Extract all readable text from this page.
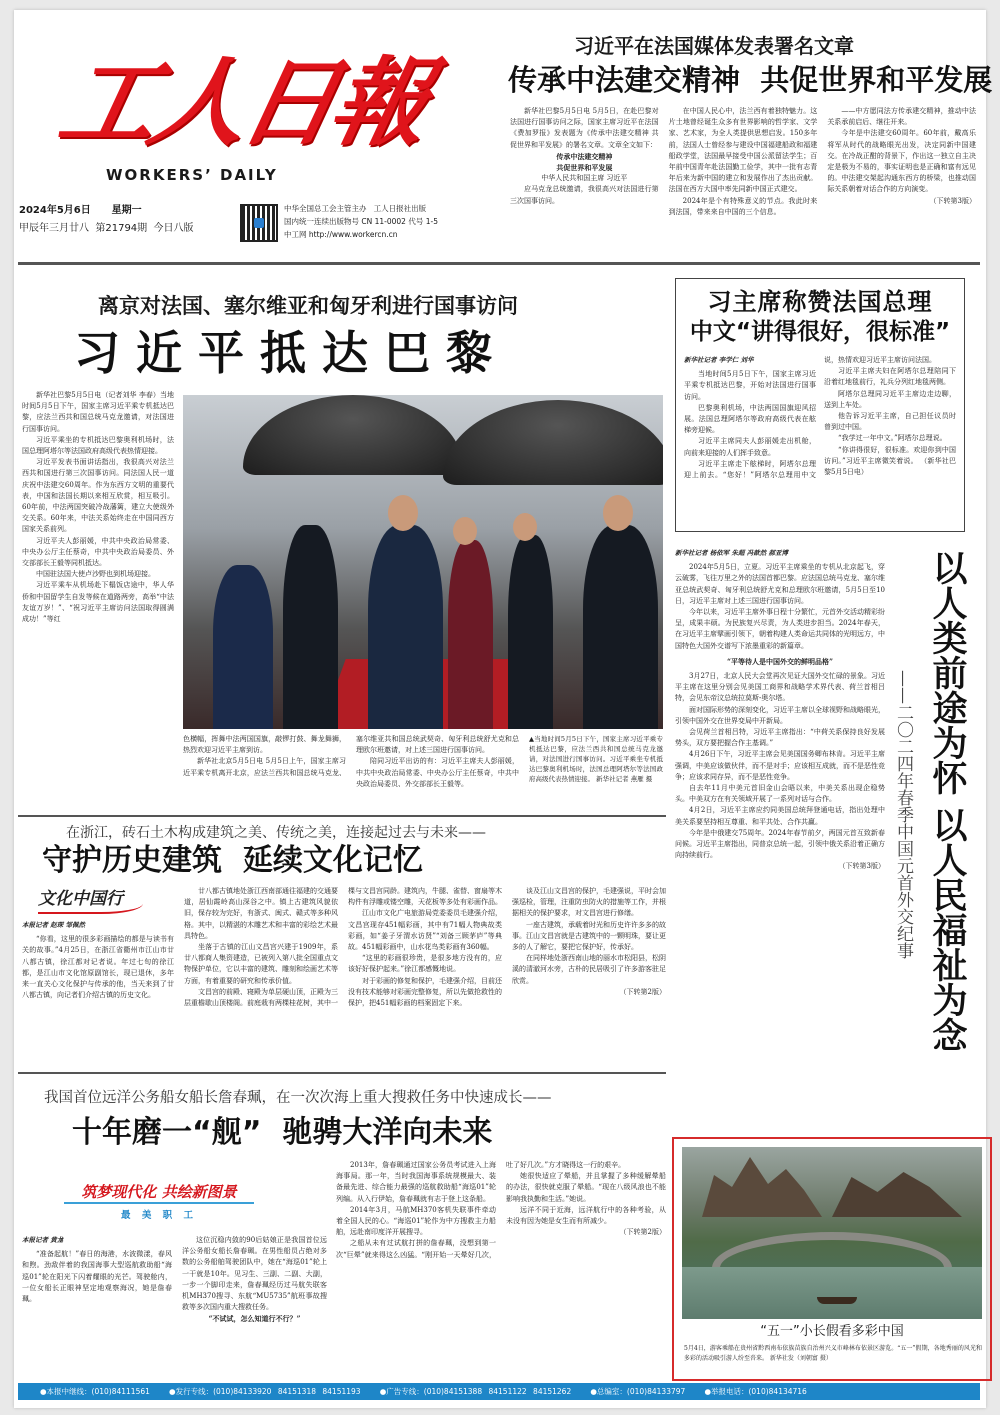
工人日報
WORKERS’ DAILY
2024年5月6日 星期一
甲辰年三月廿八 第21794期 今日八版
中华全国总工会主管主办 工人日报社出版
国内统一连续出版物号 CN 11-0002 代号 1-5
中工网 http://www.workercn.cn
习近平在法国媒体发表署名文章
传承中法建交精神  共促世界和平发展

新华社巴黎5月5日电 5月5日，在赴巴黎对法国进行国事访问之际，国家主席习近平在法国《费加罗报》发表题为《传承中法建交精神 共促世界和平发展》的署名文章。文章全文如下：

传承中法建交精神

共促世界和平发展

中华人民共和国主席 习近平

应马克龙总统邀请，我很高兴对法国进行第三次国事访问。

在中国人民心中，法兰西有着独特魅力。这片土地曾经诞生众多有世界影响的哲学家、文学家、艺术家，为全人类提供思想启发。150多年前，法国人士曾经参与建设中国福建船政和福建船政学堂，法国最早接受中国公派留法学生；百年前中国青年赴法国勤工俭学，其中一批有志青年后来为新中国的建立和发展作出了杰出贡献。法国在西方大国中率先同新中国正式建交。

2024年是个有特殊意义的节点。我此时来到法国，带来来自中国的三个信息。

——中方愿同法方传承建交精神，推动中法关系承前启后、继往开来。

今年是中法建交60周年。60年前，戴高乐将军从时代的战略眼光出发，决定同新中国建交。在冷战正酣的背景下，作出这一独立自主决定是极为不易的，事实证明也是正确和富有远见的。中法建交架起沟通东西方的桥梁，也推动国际关系朝着对话合作的方向演变。

（下转第3版）

离京对法国、塞尔维亚和匈牙利进行国事访问
习 近 平 抵 达 巴 黎

新华社巴黎5月5日电（记者刘华 李春）当地时间5月5日下午，国家主席习近平乘专机抵达巴黎，应法兰西共和国总统马克龙邀请，对法国进行国事访问。

习近平乘坐的专机抵达巴黎奥利机场时，法国总理阿塔尔等法国政府高级代表热情迎接。

习近平发表书面讲话指出，我很高兴对法兰西共和国进行第三次国事访问。同法国人民一道庆祝中法建交60周年。作为东西方文明的重要代表，中国和法国长期以来相互欣赏，相互吸引。60年前，中法两国突破冷战藩篱，建立大使级外交关系。60年来，中法关系始终走在中国同西方国家关系前列。

习近平夫人彭丽媛，中共中央政治局常委、中央办公厅主任蔡奇，中共中央政治局委员、外交部部长王毅等同机抵达。

中国驻法国大使卢沙野也到机场迎接。

习近平乘车从机场赴下榻饭店途中，华人华侨和中国留学生自发等候在道路两旁，高举“中法友谊万岁！”、“祝习近平主席访问法国取得圆满成功！”等红

色横幅，挥舞中法两国国旗，敲锣打鼓、舞龙舞狮，热烈欢迎习近平主席到访。

新华社北京5月5日电 5月5日上午，国家主席习近平乘专机离开北京，应法兰西共和国总统马克龙、塞尔维亚共和国总统武契奇、匈牙利总统舒尤克和总理欧尔班邀请，对上述三国进行国事访问。

陪同习近平出访的有：习近平主席夫人彭丽媛，中共中央政治局常委、中央办公厅主任蔡奇，中共中央政治局委员、外交部部长王毅等。

▲当地时间5月5日下午，国家主席习近平乘专机抵达巴黎，应法兰西共和国总统马克龙邀请，对法国进行国事访问。习近平乘坐专机抵达巴黎奥利机场时，法国总理阿塔尔等法国政府高级代表热情迎接。 新华社记者 燕雁 摄
习主席称赞法国总理
中文“讲得很好，很标准”
新华社记者 李学仁 刘华

当地时间5月5日下午，国家主席习近平乘专机抵达巴黎，开始对法国进行国事访问。

巴黎奥利机场，中法两国国旗迎风招展。法国总理阿塔尔等政府高级代表在舷梯旁迎候。

习近平主席同夫人彭丽媛走出机舱，向前来迎接的人们挥手致意。

习近平主席走下舷梯时，阿塔尔总理迎上前去。“您好！”阿塔尔总理用中文说，热情欢迎习近平主席访问法国。

习近平主席夫妇在阿塔尔总理陪同下沿着红地毯前行，礼兵分列红地毯两侧。

阿塔尔总理同习近平主席边走边聊，送到上车处。

他告诉习近平主席，自己担任议员时曾到过中国。

“我学过一年中文。”阿塔尔总理说。

“你讲得很好，很标准。欢迎你到中国访问。”习近平主席微笑着说。 （新华社巴黎5月5日电）

新华社记者 杨依军 朱超 冯歆然 郝亚博

2024年5月5日，立夏。习近平主席乘坐的专机从北京起飞，穿云破雾，飞往万里之外的法国首都巴黎。应法国总统马克龙、塞尔维亚总统武契奇、匈牙利总统舒尤克和总理欧尔班邀请，5月5日至10日，习近平主席对上述三国进行国事访问。

今年以来，习近平主席外事日程十分繁忙，元首外交活动精彩纷呈，成果丰硕。为民族复兴尽责，为人类进步担当。2024年春天，在习近平主席擘画引领下，朝着构建人类命运共同体的光明远方，中国特色大国外交谱写下浓墨重彩的新篇章。

“平等待人是中国外交的鲜明品格”

3月27日，北京人民大会堂再次见证大国外交忙碌的景象。习近平主席在这里分别会见美国工商界和战略学术界代表、荷兰首相吕特，会见东帝汶总统拉莫斯-奥尔塔。

面对国际形势的深刻变化，习近平主席以全球视野和战略眼光，引领中国外交在世界变局中开新局。

会见荷兰首相吕特，习近平主席指出：“中荷关系保持良好发展势头，双方要把握合作主基调。”

4月26日下午，习近平主席会见美国国务卿布林肯。习近平主席强调，中美应该做伙伴，而不是对手；应该相互成就，而不是恶性竞争；应该求同存异，而不是恶性竞争。

自去年11月中美元首旧金山会晤以来，中美关系出现企稳势头。中美双方在有关领域开展了一系列对话与合作。

4月2日，习近平主席应约同美国总统拜登通电话，指出处理中美关系要坚持相互尊重、和平共处、合作共赢。

今年是中俄建交75周年。2024年春节前夕，两国元首互致新春问候。习近平主席指出，同普京总统一起，引领中俄关系沿着正确方向持续前行。

（下转第3版） ——二〇二四年春季中国元首外交纪事 以人类前途为怀 以人民福祉为念
在浙江，砖石土木构成建筑之美、传统之美，连接起过去与未来——
守护历史建筑  延续文化记忆
文化中国行
本报记者 赵琛 邹佩然

“你看，这里的很多彩画描绘的都是与读书有关的故事。”4月25日，在浙江省衢州市江山市廿八都古镇，徐江都对记者说。年过七旬的徐江都，是江山市文化馆原副馆长，现已退休，多年来一直关心文化保护与传承的他，当天来到了廿八都古镇，向记者们介绍古镇的历史文化。

廿八都古镇地处浙江西南部通往福建的交通要道，居仙霞岭高山深谷之中。镇上古建筑风貌依旧，保存较为完好，有浙式、闽式、赣式等多种风格。其中，以精湛的木雕艺术和丰富的彩绘艺术最具特色。

坐落于古镇的江山文昌宫兴建于1909年，系廿八都商人集资建造，已被列入第八批全国重点文物保护单位，它以丰富的建筑、雕刻和绘画艺术等方面，有着重要的研究和传承价值。

文昌宫的前殿、寝殿为单层硬山顶，正殿为三层重檐歇山顶楼阁。前庭栽有两棵桂花树，其中一棵与文昌宫同龄。建筑内，牛腿、雀替、窗扇等木构件有浮雕或镂空雕，天花板等多处有彩画作品。

江山市文化广电旅游局党委委员毛建强介绍，文昌宫现存451幅彩画，其中有71幅人物典故类彩画，如“姜子牙渭水访贤”“刘备三顾茅庐”等典故。451幅彩画中，山水花鸟类彩画有360幅。

“这里的彩画很珍贵，是很多地方没有的，应该好好保护起来。”徐江都感慨地说。

对于彩画的修复和保护，毛建强介绍，目前还没有技术能够对彩画完整修复，所以先做抢救性的保护，把451幅彩画的档案固定下来。

谈及江山文昌宫的保护，毛建强说，平时会加强巡检，管理，注重防虫防火的措施等工作，并根据相关的保护要求，对文昌宫进行修缮。

一座古建筑，承载着时光和历史许许多多的故事。江山文昌宫就是古建筑中的一颗明珠，要让更多的人了解它，要把它保护好，传承好。

在同样地处浙西南山地的丽水市松阳县，松阴溪的清澈河水旁，古朴的民居吸引了许多游客驻足欣赏。

（下转第2版）

我国首位远洋公务船女船长詹春珮，在一次次海上重大搜救任务中快速成长——
十年磨一“舰”  驰骋大洋向未来
筑梦现代化 共绘新图景
最 美 职 工
本报记者 黄尨

“准备起航！”春日的海港，水波微漾，春风和煦。劲敌伴着的我国海事大型巡航救助船“海巡01”轮在阳光下闪着耀眼的光芒。驾驶舱内，一位女船长正眼神坚定地观察海况，她是詹春珮。

这位沉稳内敛的90后姑娘正是我国首位远洋公务船女船长詹春珮。在男性船员占绝对多数的公务船舶驾驶团队中，她在“海巡01”轮上一干就是10年。见习生、三副、二副、大副，一步一个脚印走来，詹春珮经历过马航失联客机MH370搜寻、东航“MU5735”航班事故搜救等多次国内重大搜救任务。

“不试试，怎么知道行不行？”

2013年，詹春珮通过国家公务员考试进入上海海事局。那一年，当时我国海事系统规模最大、装备最先进、综合能力最强的巡航救助船“海巡01”轮列编。从入行伊始，詹春珮就有志于登上这条船。

2014年3月，马航MH370客机失联事件牵动着全国人民的心。“海巡01”轮作为中方搜救主力船舶，远赴南印度洋开展搜寻。

之船从未有过试航打拼的詹春珮，没想到第一次“巨晕”就来得这么凶猛。“刚开始一天晕好几次，吐了好几次。”方才晓得这一行的艰辛。

她很快适应了晕船，并且掌握了多种缓解晕船的办法，很快就克服了晕船。“现在八级风浪也不能影响我执勤和生活。”她说。

远洋不同于近海，远洋航行中的各种考验，从未没有因为她是女生而有所减少。

（下转第2版）

“五一”小长假看多彩中国
5月4日，游客乘船在贵州省黔西南布依族苗族自治州兴义市峰林布依景区游览。“五一”假期，各地秀丽的风光和多彩的活动吸引游人纷至沓来。 新华社发（刘朝富 摄）
●本报中继线：(010)84111561	●发行专线：(010)84133920 84151318 84151193	●广告专线：(010)84151388 84151122 84151262	●总编室：(010)84133797	●举报电话：(010)84134716
